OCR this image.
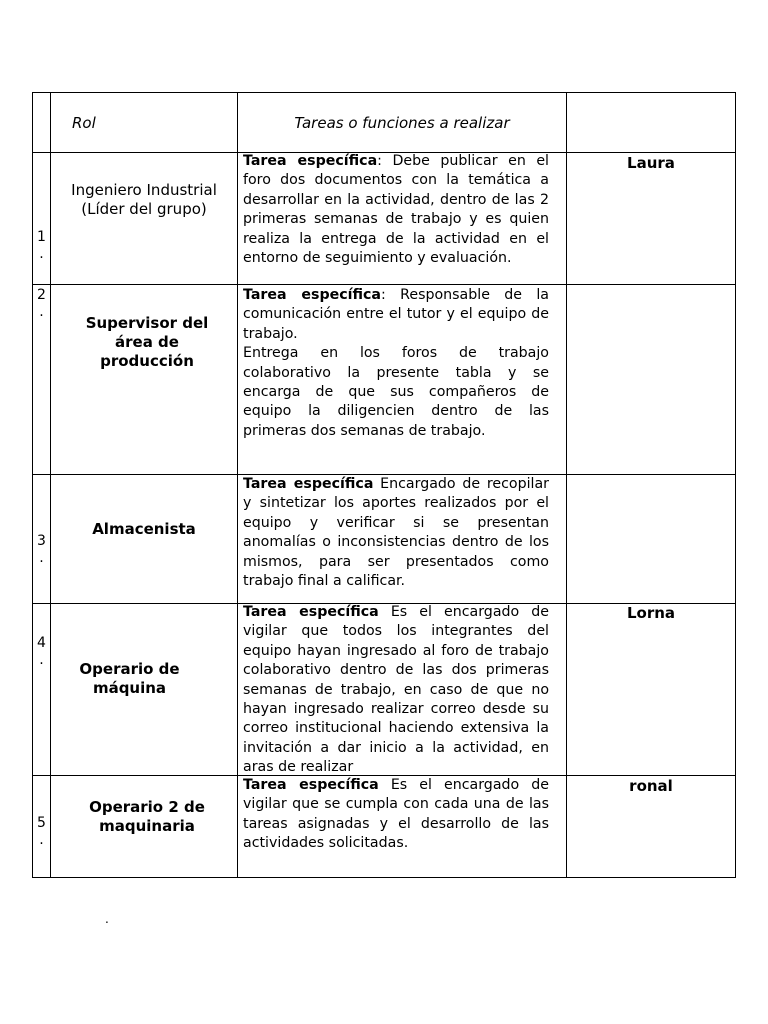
Rol	Tareas o funciones a realizar
1
.
Ingeniero Industrial
(Líder del grupo)
Tarea específica: Debe publicar en el foro dos documentos con la temática a desarrollar en la actividad, dentro de las 2 primeras semanas de trabajo y es quien realiza la entrega de la actividad en el entorno de seguimiento y evaluación.
Laura
2
.
Supervisor del área de producción
Tarea específica: Responsable de la comunicación entre el tutor y el equipo de trabajo.
Entrega en los foros de trabajo colaborativo la presente tabla y se encarga de que sus compañeros de equipo la diligencien dentro de las primeras dos semanas de trabajo.
3
.
Almacenista
Tarea específica Encargado de recopilar y sintetizar los aportes realizados por el equipo y verificar si se presentan anomalías o inconsistencias dentro de los mismos, para ser presentados como trabajo final a calificar.
4
.	Operario de máquina
Tarea específica Es el encargado de vigilar que todos los integrantes del equipo hayan ingresado al foro de trabajo colaborativo dentro de las dos primeras semanas de trabajo, en caso de que no hayan ingresado realizar correo desde su correo institucional haciendo extensiva la invitación a dar inicio a la actividad, en aras de realizar
Lorna
5
.
Operario 2 de maquinaria
Tarea específica Es el encargado de vigilar que se cumpla con cada una de las tareas asignadas y el desarrollo de las actividades solicitadas.
ronal
.
